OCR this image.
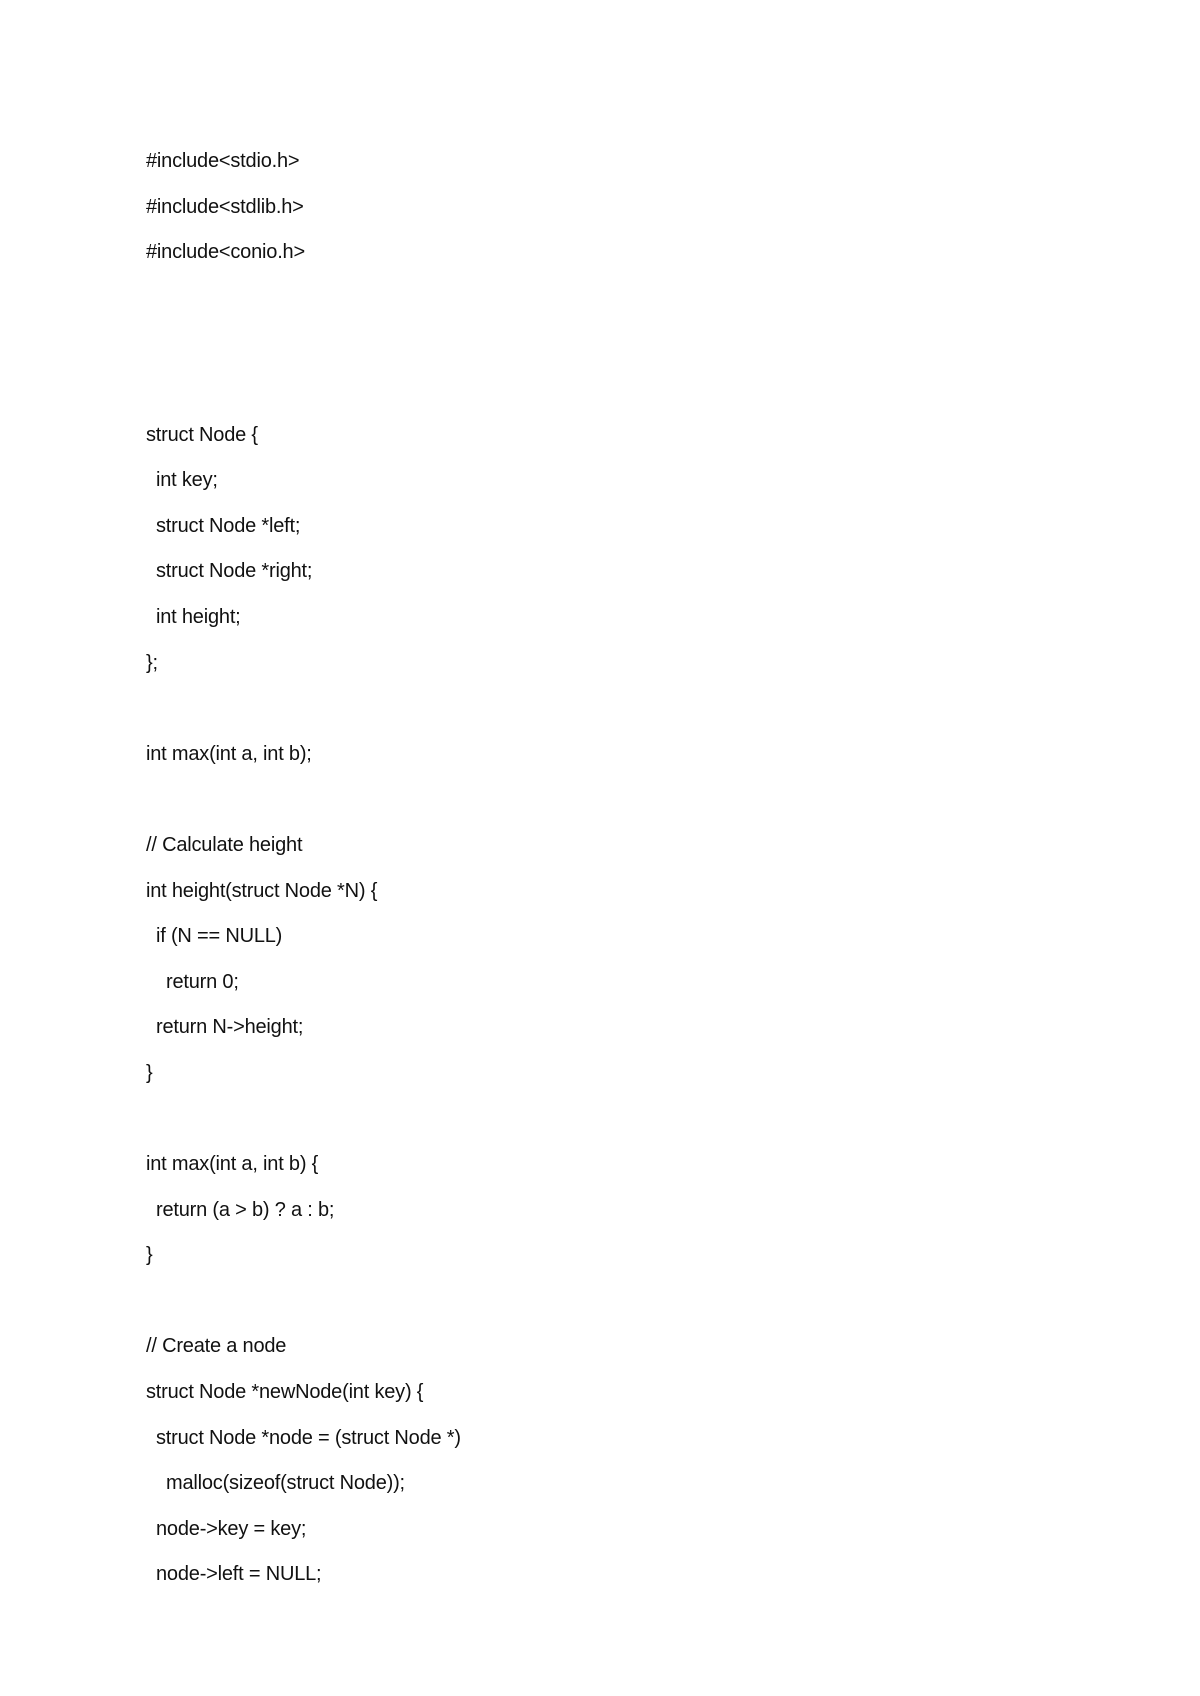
#include<stdio.h>
#include<stdlib.h>
#include<conio.h>
struct Node {
int key;
struct Node *left;
struct Node *right;
int height;
};
int max(int a, int b);
// Calculate height
int height(struct Node *N) {
if (N == NULL)
return 0;
return N->height;
}
int max(int a, int b) {
return (a > b) ? a : b;
}
// Create a node
struct Node *newNode(int key) {
struct Node *node = (struct Node *)
malloc(sizeof(struct Node));
node->key = key;
node->left = NULL;
